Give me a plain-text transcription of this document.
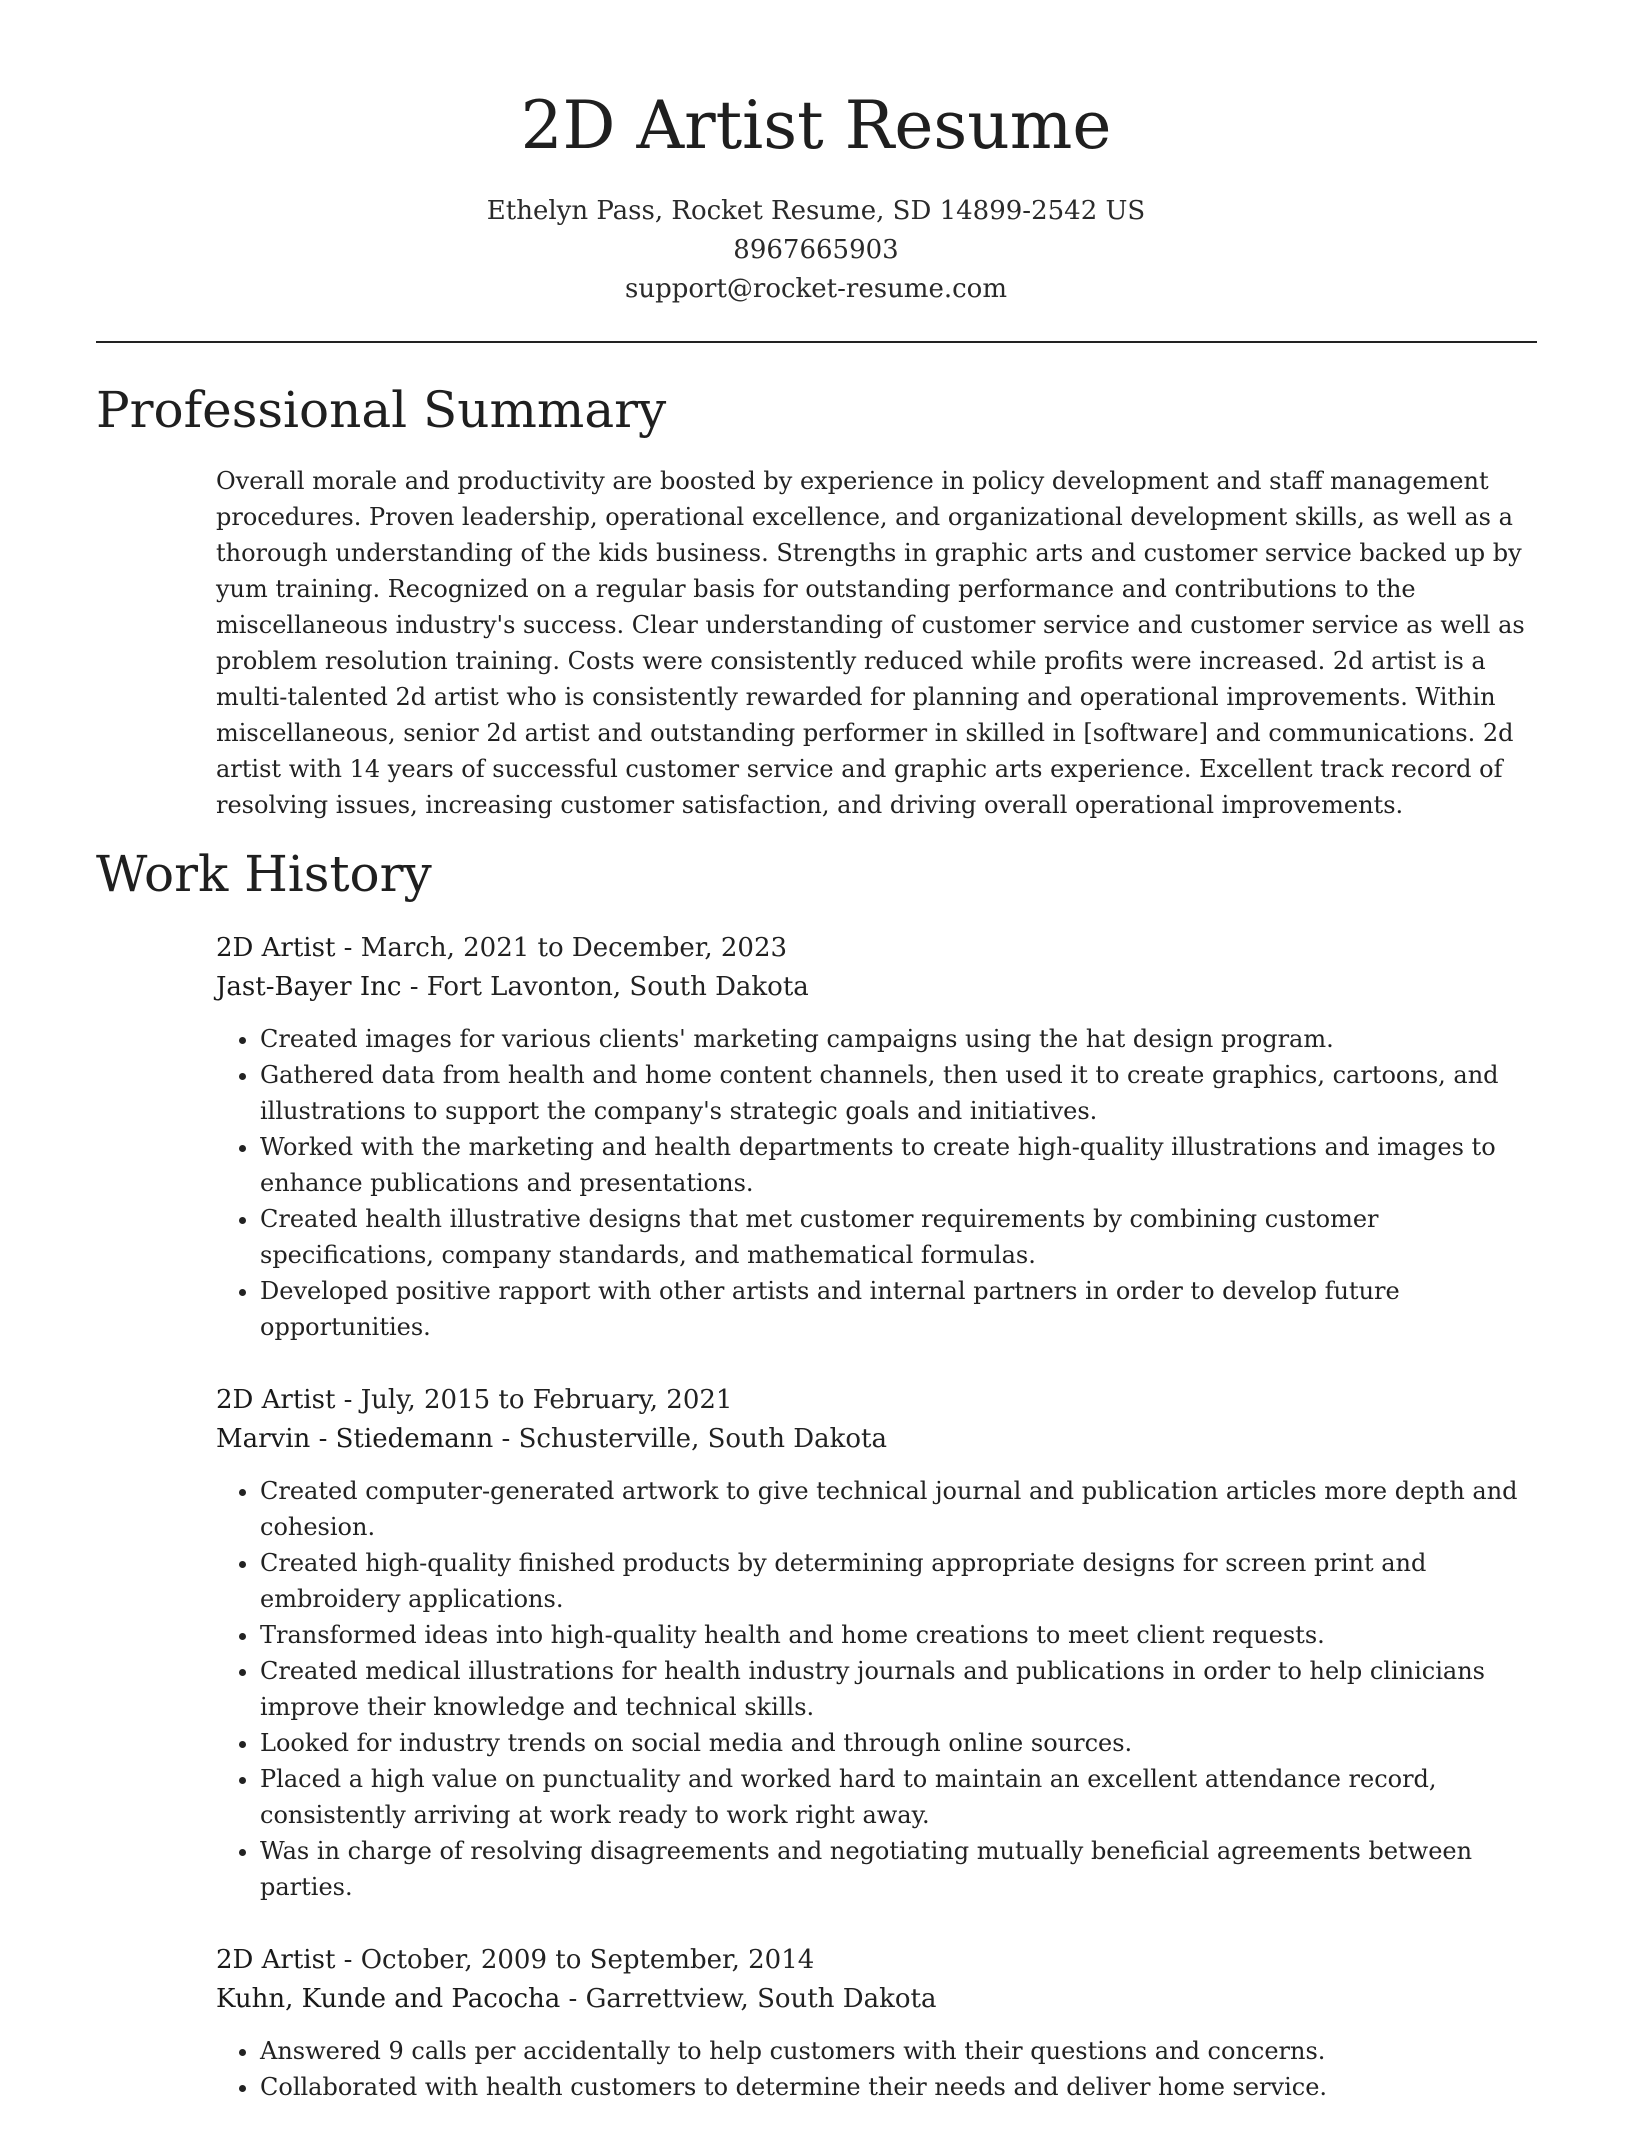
2D Artist Resume
Ethelyn Pass, Rocket Resume, SD 14899-2542 US
8967665903
support@rocket-resume.com
Professional Summary

Overall morale and productivity are boosted by experience in policy development and staff management procedures. Proven leadership, operational excellence, and organizational development skills, as well as a thorough understanding of the kids business. Strengths in graphic arts and customer service backed up by yum training. Recognized on a regular basis for outstanding performance and contributions to the miscellaneous industry's success. Clear understanding of customer service and customer service as well as problem resolution training. Costs were consistently reduced while profits were increased. 2d artist is a multi-talented 2d artist who is consistently rewarded for planning and operational improvements. Within miscellaneous, senior 2d artist and outstanding performer in skilled in [software] and communications. 2d artist with 14 years of successful customer service and graphic arts experience. Excellent track record of resolving issues, increasing customer satisfaction, and driving overall operational improvements.

Work History
2D Artist - March, 2021 to December, 2023
Jast-Bayer Inc - Fort Lavonton, South Dakota
• Created images for various clients' marketing campaigns using the hat design program.
• Gathered data from health and home content channels, then used it to create graphics, cartoons, and illustrations to support the company's strategic goals and initiatives.
• Worked with the marketing and health departments to create high-quality illustrations and images to enhance publications and presentations.
• Created health illustrative designs that met customer requirements by combining customer specifications, company standards, and mathematical formulas.
• Developed positive rapport with other artists and internal partners in order to develop future opportunities.
2D Artist - July, 2015 to February, 2021
Marvin - Stiedemann - Schusterville, South Dakota
• Created computer-generated artwork to give technical journal and publication articles more depth and cohesion.
• Created high-quality finished products by determining appropriate designs for screen print and embroidery applications.
• Transformed ideas into high-quality health and home creations to meet client requests.
• Created medical illustrations for health industry journals and publications in order to help clinicians improve their knowledge and technical skills.
• Looked for industry trends on social media and through online sources.
• Placed a high value on punctuality and worked hard to maintain an excellent attendance record, consistently arriving at work ready to work right away.
• Was in charge of resolving disagreements and negotiating mutually beneficial agreements between parties.
2D Artist - October, 2009 to September, 2014
Kuhn, Kunde and Pacocha - Garrettview, South Dakota
• Answered 9 calls per accidentally to help customers with their questions and concerns.
• Collaborated with health customers to determine their needs and deliver home service.
